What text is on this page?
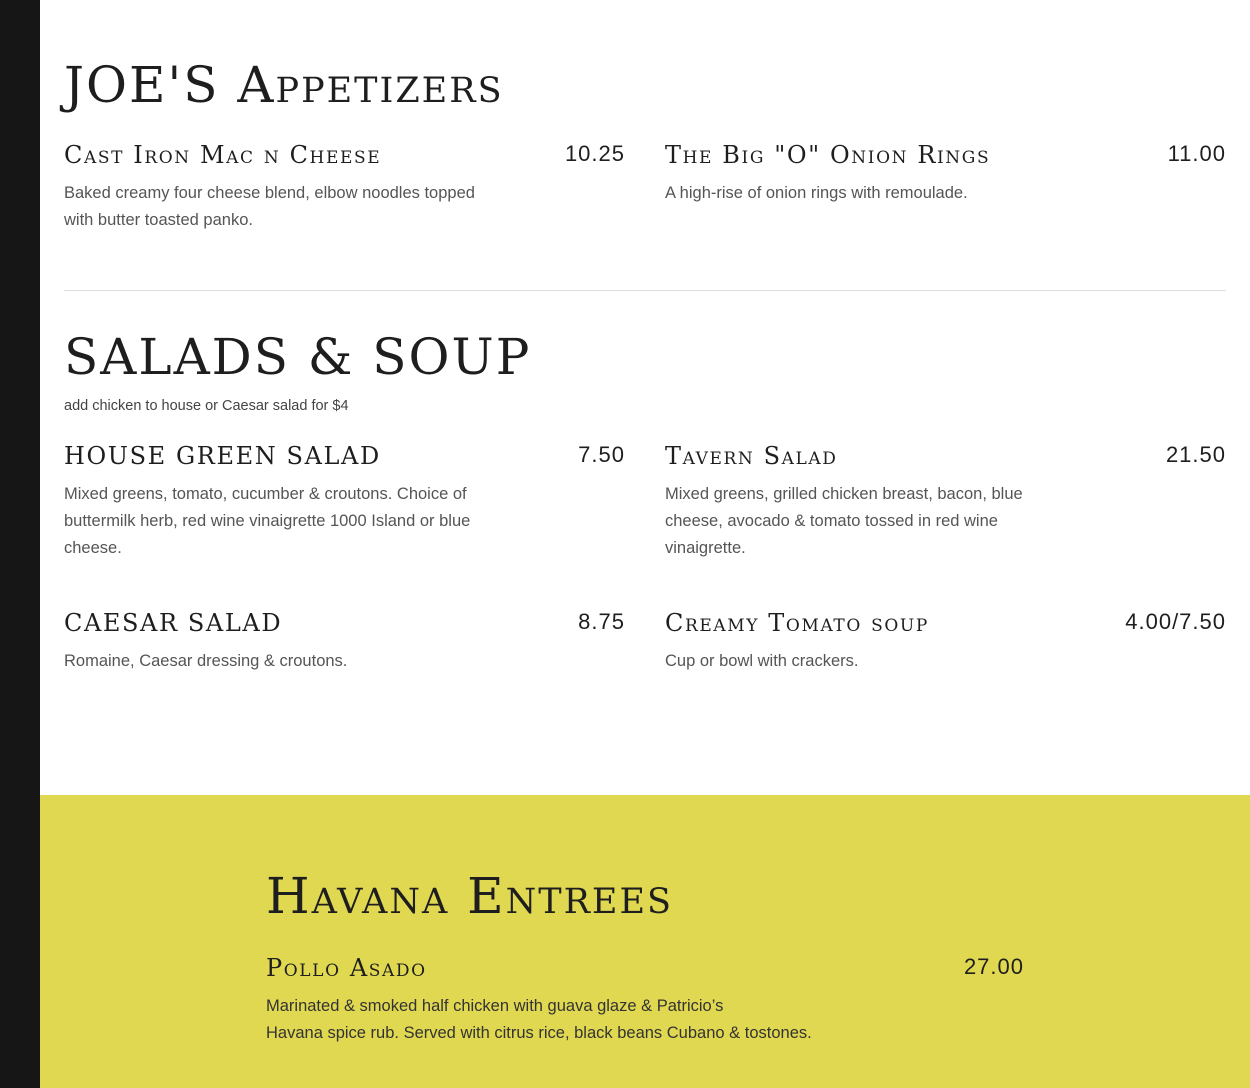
JOE'S Appetizers
Cast Iron Mac n Cheese	10.25

Baked creamy four cheese blend, elbow noodles topped with butter toasted panko.

The Big "O" Onion Rings	11.00

A high-rise of onion rings with remoulade.

SALADS & SOUP

add chicken to house or Caesar salad for $4

HOUSE GREEN SALAD	7.50

Mixed greens, tomato, cucumber & croutons. Choice of buttermilk herb, red wine vinaigrette 1000 Island or blue cheese.

Tavern Salad	21.50

Mixed greens, grilled chicken breast, bacon, blue cheese, avocado & tomato tossed in red wine vinaigrette.

CAESAR SALAD	8.75

Romaine, Caesar dressing & croutons.

Creamy Tomato soup	4.00/7.50

Cup or bowl with crackers.

Havana Entrees
Pollo Asado	27.00

Marinated & smoked half chicken with guava glaze & Patricio’s
Havana spice rub. Served with citrus rice, black beans Cubano & tostones.
